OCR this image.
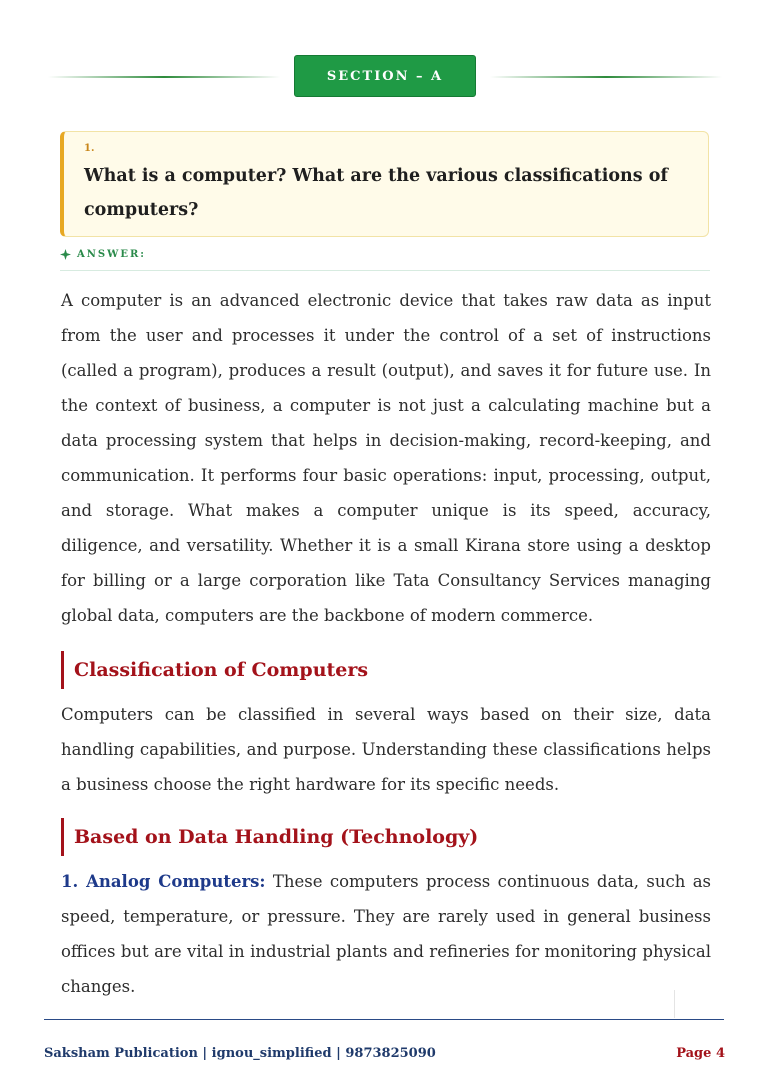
SECTION – A

1.

What is a computer? What are the various classifications of computers?

ANSWER:

A computer is an advanced electronic device that takes raw data as input from the user and processes it under the control of a set of instructions (called a program), produces a result (output), and saves it for future use. In the context of business, a computer is not just a calculating machine but a data processing system that helps in decision-making, record-keeping, and communication. It performs four basic operations: input, processing, output, and storage. What makes a computer unique is its speed, accuracy, diligence, and versatility. Whether it is a small Kirana store using a desktop for billing or a large corporation like Tata Consultancy Services managing global data, computers are the backbone of modern commerce.

Classification of Computers

Computers can be classified in several ways based on their size, data handling capabilities, and purpose. Understanding these classifications helps a business choose the right hardware for its specific needs.

Based on Data Handling (Technology)

1. Analog Computers: These computers process continuous data, such as speed, temperature, or pressure. They are rarely used in general business offices but are vital in industrial plants and refineries for monitoring physical changes.

Saksham Publication | ignou_simplified | 9873825090	Page 4
